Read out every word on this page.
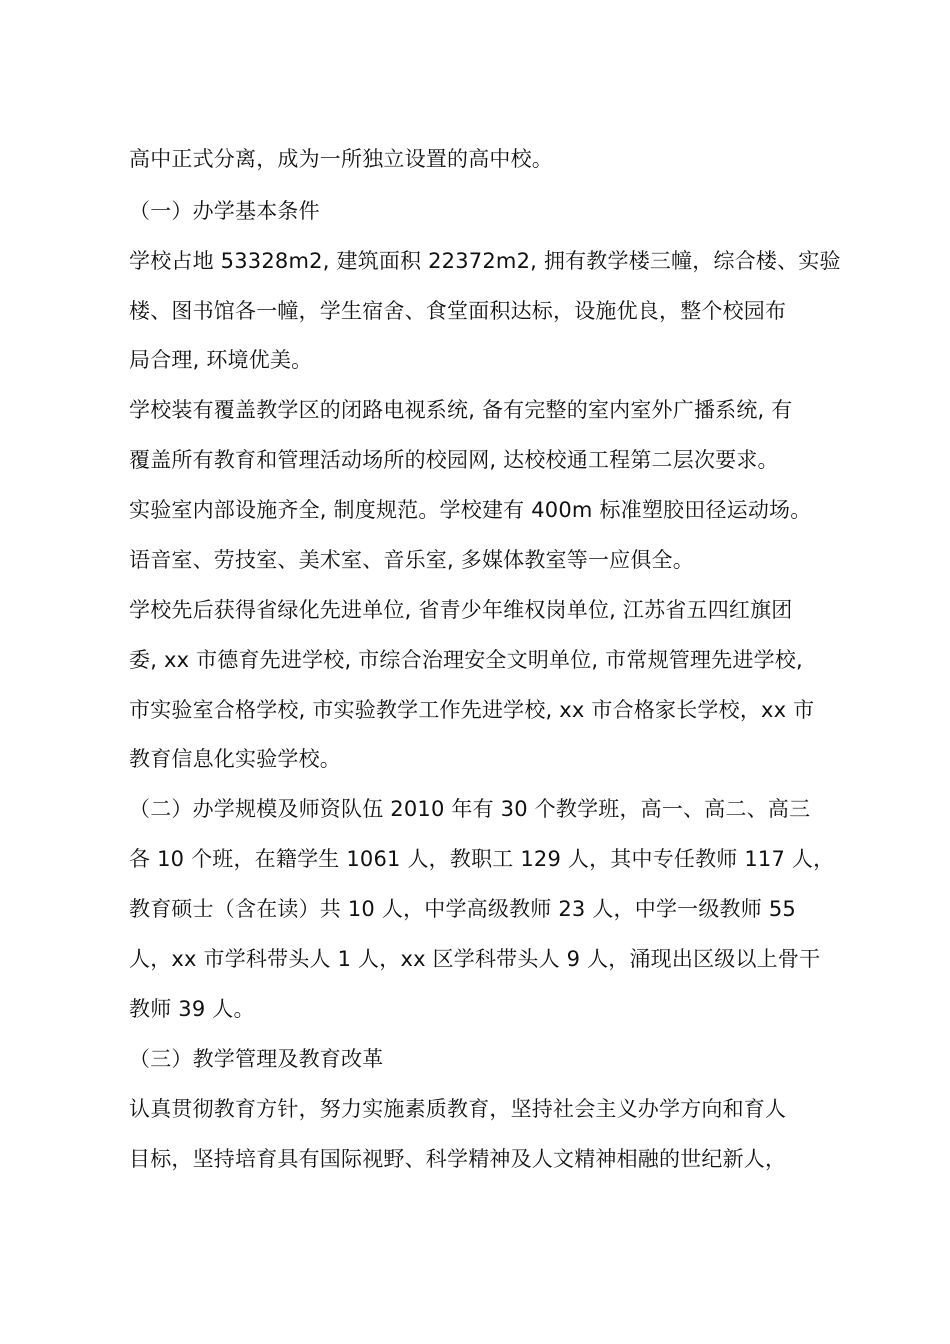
高中正式分离，成为一所独立设置的高中校。
（一）办学基本条件
学校占地 53328m2, 建筑面积 22372m2, 拥有教学楼三幢，综合楼、实验
楼、图书馆各一幢，学生宿舍、食堂面积达标，设施优良，整个校园布
局合理, 环境优美。
学校装有覆盖教学区的闭路电视系统, 备有完整的室内室外广播系统, 有
覆盖所有教育和管理活动场所的校园网, 达校校通工程第二层次要求。
实验室内部设施齐全, 制度规范。学校建有 400m 标准塑胶田径运动场。
语音室、劳技室、美术室、音乐室, 多媒体教室等一应俱全。
学校先后获得省绿化先进单位, 省青少年维权岗单位, 江苏省五四红旗团
委, xx 市德育先进学校, 市综合治理安全文明单位, 市常规管理先进学校,
市实验室合格学校, 市实验教学工作先进学校, xx 市合格家长学校，xx 市
教育信息化实验学校。
（二）办学规模及师资队伍 2010 年有 30 个教学班，高一、高二、高三
各 10 个班，在籍学生 1061 人，教职工 129 人，其中专任教师 117 人，
教育硕士（含在读）共 10 人，中学高级教师 23 人，中学一级教师 55
人，xx 市学科带头人 1 人，xx 区学科带头人 9 人，涌现出区级以上骨干
教师 39 人。
（三）教学管理及教育改革
认真贯彻教育方针，努力实施素质教育，坚持社会主义办学方向和育人
目标，坚持培育具有国际视野、科学精神及人文精神相融的世纪新人，
